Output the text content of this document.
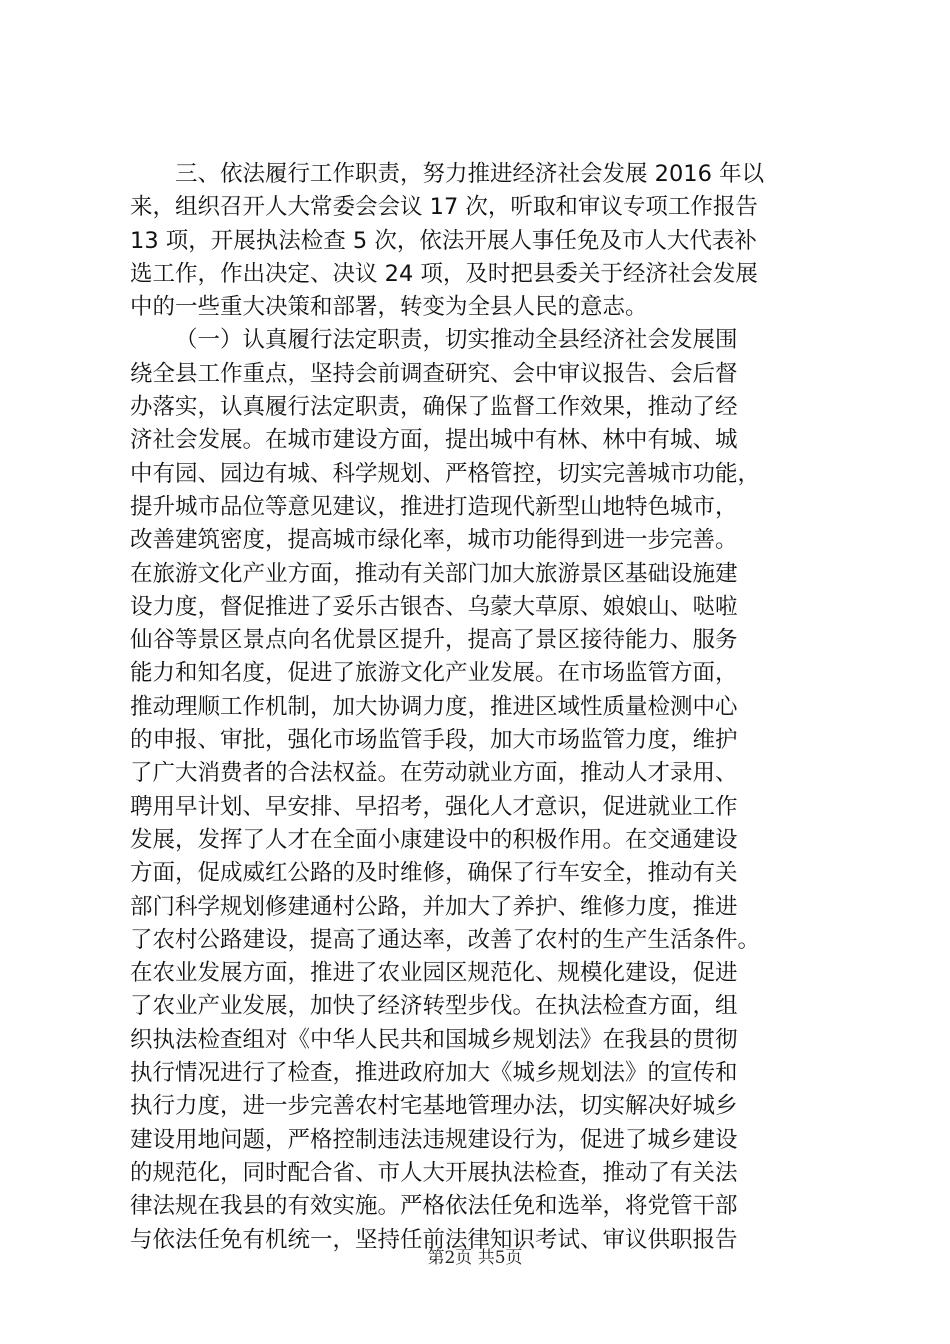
三、依法履行工作职责，努力推进经济社会发展 2016 年以
来，组织召开人大常委会会议 17 次，听取和审议专项工作报告
13 项，开展执法检查 5 次，依法开展人事任免及市人大代表补
选工作，作出决定、决议 24 项，及时把县委关于经济社会发展
中的一些重大决策和部署，转变为全县人民的意志。

（一）认真履行法定职责，切实推动全县经济社会发展围
绕全县工作重点，坚持会前调查研究、会中审议报告、会后督
办落实，认真履行法定职责，确保了监督工作效果，推动了经
济社会发展。在城市建设方面，提出城中有林、林中有城、城
中有园、园边有城、科学规划、严格管控，切实完善城市功能，
提升城市品位等意见建议，推进打造现代新型山地特色城市，
改善建筑密度，提高城市绿化率，城市功能得到进一步完善。
在旅游文化产业方面，推动有关部门加大旅游景区基础设施建
设力度，督促推进了妥乐古银杏、乌蒙大草原、娘娘山、哒啦
仙谷等景区景点向名优景区提升，提高了景区接待能力、服务
能力和知名度，促进了旅游文化产业发展。在市场监管方面，
推动理顺工作机制，加大协调力度，推进区域性质量检测中心
的申报、审批，强化市场监管手段，加大市场监管力度，维护
了广大消费者的合法权益。在劳动就业方面，推动人才录用、
聘用早计划、早安排、早招考，强化人才意识，促进就业工作
发展，发挥了人才在全面小康建设中的积极作用。在交通建设
方面，促成威红公路的及时维修，确保了行车安全，推动有关
部门科学规划修建通村公路，并加大了养护、维修力度，推进
了农村公路建设，提高了通达率，改善了农村的生产生活条件。
在农业发展方面，推进了农业园区规范化、规模化建设，促进
了农业产业发展，加快了经济转型步伐。在执法检查方面，组
织执法检查组对《中华人民共和国城乡规划法》在我县的贯彻
执行情况进行了检查，推进政府加大《城乡规划法》的宣传和
执行力度，进一步完善农村宅基地管理办法，切实解决好城乡
建设用地问题，严格控制违法违规建设行为，促进了城乡建设
的规范化，同时配合省、市人大开展执法检查，推动了有关法
律法规在我县的有效实施。严格依法任免和选举，将党管干部
与依法任免有机统一，坚持任前法律知识考试、审议供职报告

第2页 共5页
